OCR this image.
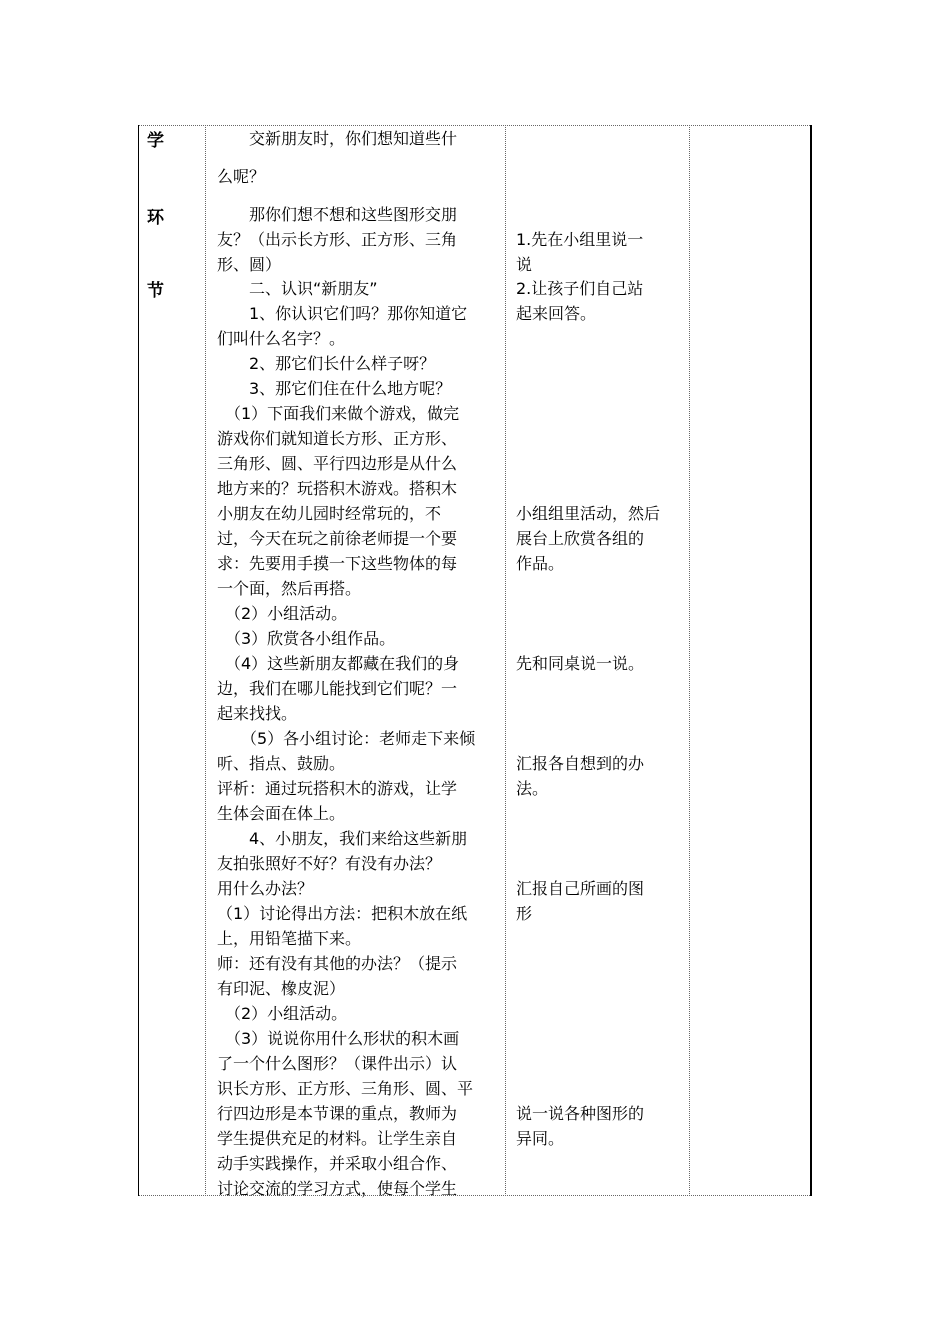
学
环
节
　　交新朋友时，你们想知道些什
么呢？
　　那你们想不想和这些图形交朋
友？（出示长方形、正方形、三角
形、圆）
　　二、认识“新朋友”
　　1、你认识它们吗？那你知道它
们叫什么名字？。
　　2、那它们长什么样子呀？
　　3、那它们住在什么地方呢？
　（1）下面我们来做个游戏，做完
游戏你们就知道长方形、正方形、
三角形、圆、平行四边形是从什么
地方来的？玩搭积木游戏。搭积木
小朋友在幼儿园时经常玩的，不
过，今天在玩之前徐老师提一个要
求：先要用手摸一下这些物体的每
一个面，然后再搭。
　（2）小组活动。
　（3）欣赏各小组作品。
　（4）这些新朋友都藏在我们的身
边，我们在哪儿能找到它们呢？一
起来找找。
　　（5）各小组讨论：老师走下来倾
听、指点、鼓励。
评析：通过玩搭积木的游戏，让学
生体会面在体上。
　　4、小朋友，我们来给这些新朋
友拍张照好不好？有没有办法？
用什么办法？
（1）讨论得出方法：把积木放在纸
上，用铅笔描下来。
师：还有没有其他的办法？（提示
有印泥、橡皮泥）
　（2）小组活动。
　（3）说说你用什么形状的积木画
了一个什么图形？（课件出示）认
识长方形、正方形、三角形、圆、平
行四边形是本节课的重点，教师为
学生提供充足的材料。让学生亲自
动手实践操作，并采取小组合作、
讨论交流的学习方式，使每个学生
1.先在小组里说一
说
2.让孩子们自己站
起来回答。
小组组里活动，然后
展台上欣赏各组的
作品。
先和同桌说一说。
汇报各自想到的办
法。
汇报自己所画的图
形
说一说各种图形的
异同。
